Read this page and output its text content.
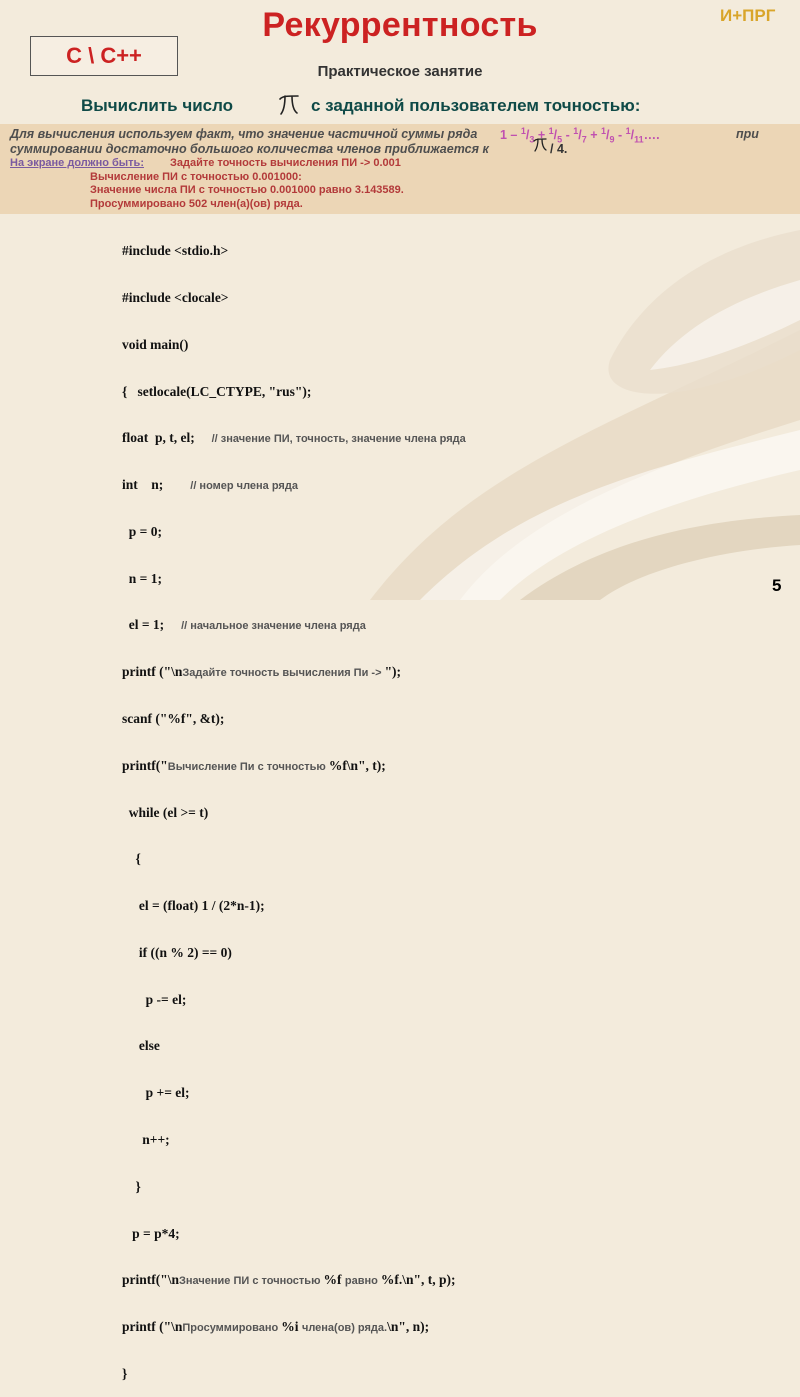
И+ПРГ
Рекуррентность
C \ C++
Практическое занятие
Вычислить число	с заданной пользователем точностью:
Для вычисления используем факт, что значение частичной суммы ряда $1 - ^1/_3 + ^1/_5 - ^1/_7 + ^1/_9$ - $^1/_{11}\dots$.	при
суммировании достаточно большого количества членов приближается к	/ 4.
На экране должно быть: Задайте точность вычисления ПИ -> 0.001
Вычисление ПИ с точностью 0.001000:
Значение числа ПИ с точностью 0.001000 равно 3.143589.
Просуммировано 502 член(а)(ов) ряда.

#include <stdio.h>

#include <clocale>

void main()

{   setlocale(LC_CTYPE, "rus");

float  p, t, el; // значение ПИ, точность, значение члена ряда

int    n; // номер члена ряда

p = 0;

n = 1;

el = 1; // начальное значение члена ряда

printf ("\nЗадайте точность вычисления Пи -> ");

scanf ("%f", &t);

printf("Вычисление Пи с точностью %f\n", t);

while (el >= t)

{

el = (float) 1 / (2*n-1);

if ((n % 2) == 0)

p -= el;

else

p += el;

n++;

}

p = p*4;

printf("\nЗначение ПИ с точностью %f равно %f.\n", t, p);

printf ("\nПросуммировано %i члена(ов) ряда.\n", n);

}

5
